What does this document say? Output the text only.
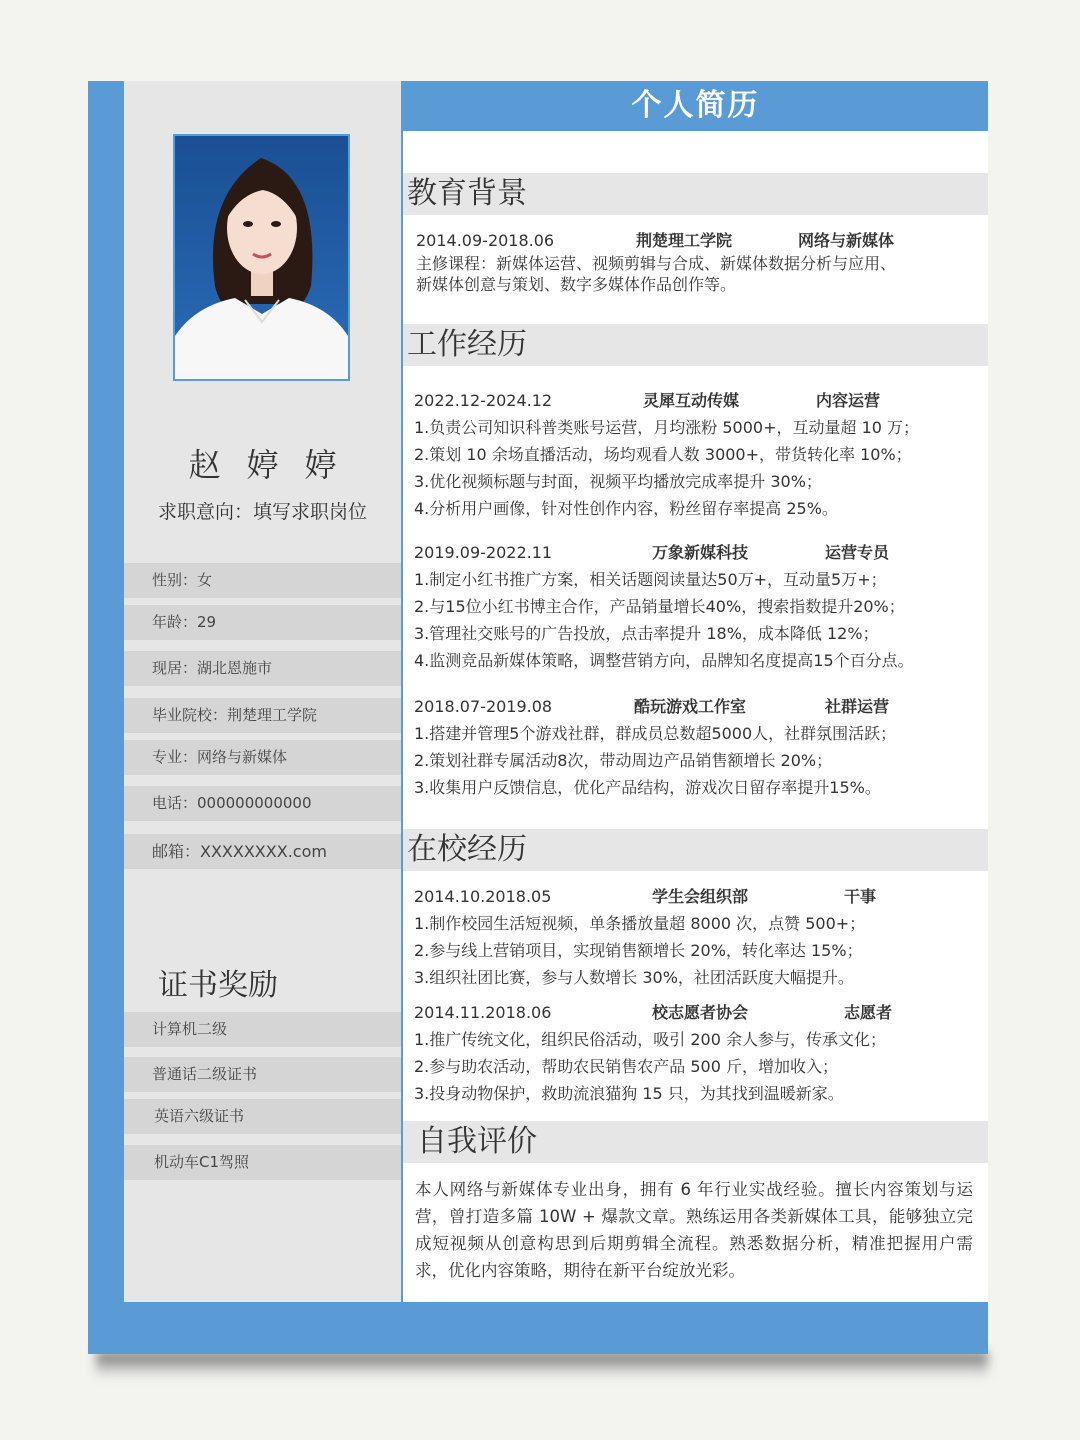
个人简历
赵婷婷
求职意向：填写求职岗位
性别：女
年龄：29
现居：湖北恩施市
毕业院校：荆楚理工学院
专业：网络与新媒体
电话：000000000000
邮箱：XXXXXXXX.com
证书奖励
计算机二级
普通话二级证书
英语六级证书
机动车C1驾照
教育背景
2014.09-2018.06	荆楚理工学院	网络与新媒体
主修课程：新媒体运营、视频剪辑与合成、新媒体数据分析与应用、
新媒体创意与策划、数字多媒体作品创作等。
工作经历
2022.12-2024.12	灵犀互动传媒	内容运营
1.负责公司知识科普类账号运营，月均涨粉 5000+，互动量超 10 万；
2.策划 10 余场直播活动，场均观看人数 3000+，带货转化率 10%；
3.优化视频标题与封面，视频平均播放完成率提升 30%；
4.分析用户画像，针对性创作内容，粉丝留存率提高 25%。
2019.09-2022.11	万象新媒科技	运营专员
1.制定小红书推广方案，相关话题阅读量达50万+，互动量5万+；
2.与15位小红书博主合作，产品销量增长40%，搜索指数提升20%；
3.管理社交账号的广告投放，点击率提升 18%，成本降低 12%；
4.监测竞品新媒体策略，调整营销方向，品牌知名度提高15个百分点。
2018.07-2019.08	酷玩游戏工作室	社群运营
1.搭建并管理5个游戏社群，群成员总数超5000人，社群氛围活跃；
2.策划社群专属活动8次，带动周边产品销售额增长 20%；
3.收集用户反馈信息，优化产品结构，游戏次日留存率提升15%。
在校经历
2014.10.2018.05	学生会组织部	干事
1.制作校园生活短视频，单条播放量超 8000 次，点赞 500+；
2.参与线上营销项目，实现销售额增长 20%，转化率达 15%；
3.组织社团比赛，参与人数增长 30%，社团活跃度大幅提升。
2014.11.2018.06	校志愿者协会	志愿者
1.推广传统文化，组织民俗活动，吸引 200 余人参与，传承文化；
2.参与助农活动，帮助农民销售农产品 500 斤，增加收入；
3.投身动物保护，救助流浪猫狗 15 只，为其找到温暖新家。
自我评价
本人网络与新媒体专业出身，拥有 6 年行业实战经验。擅长内容策划与运营，曾打造多篇 10W + 爆款文章。熟练运用各类新媒体工具，能够独立完成短视频从创意构思到后期剪辑全流程。熟悉数据分析，精准把握用户需求，优化内容策略，期待在新平台绽放光彩。
